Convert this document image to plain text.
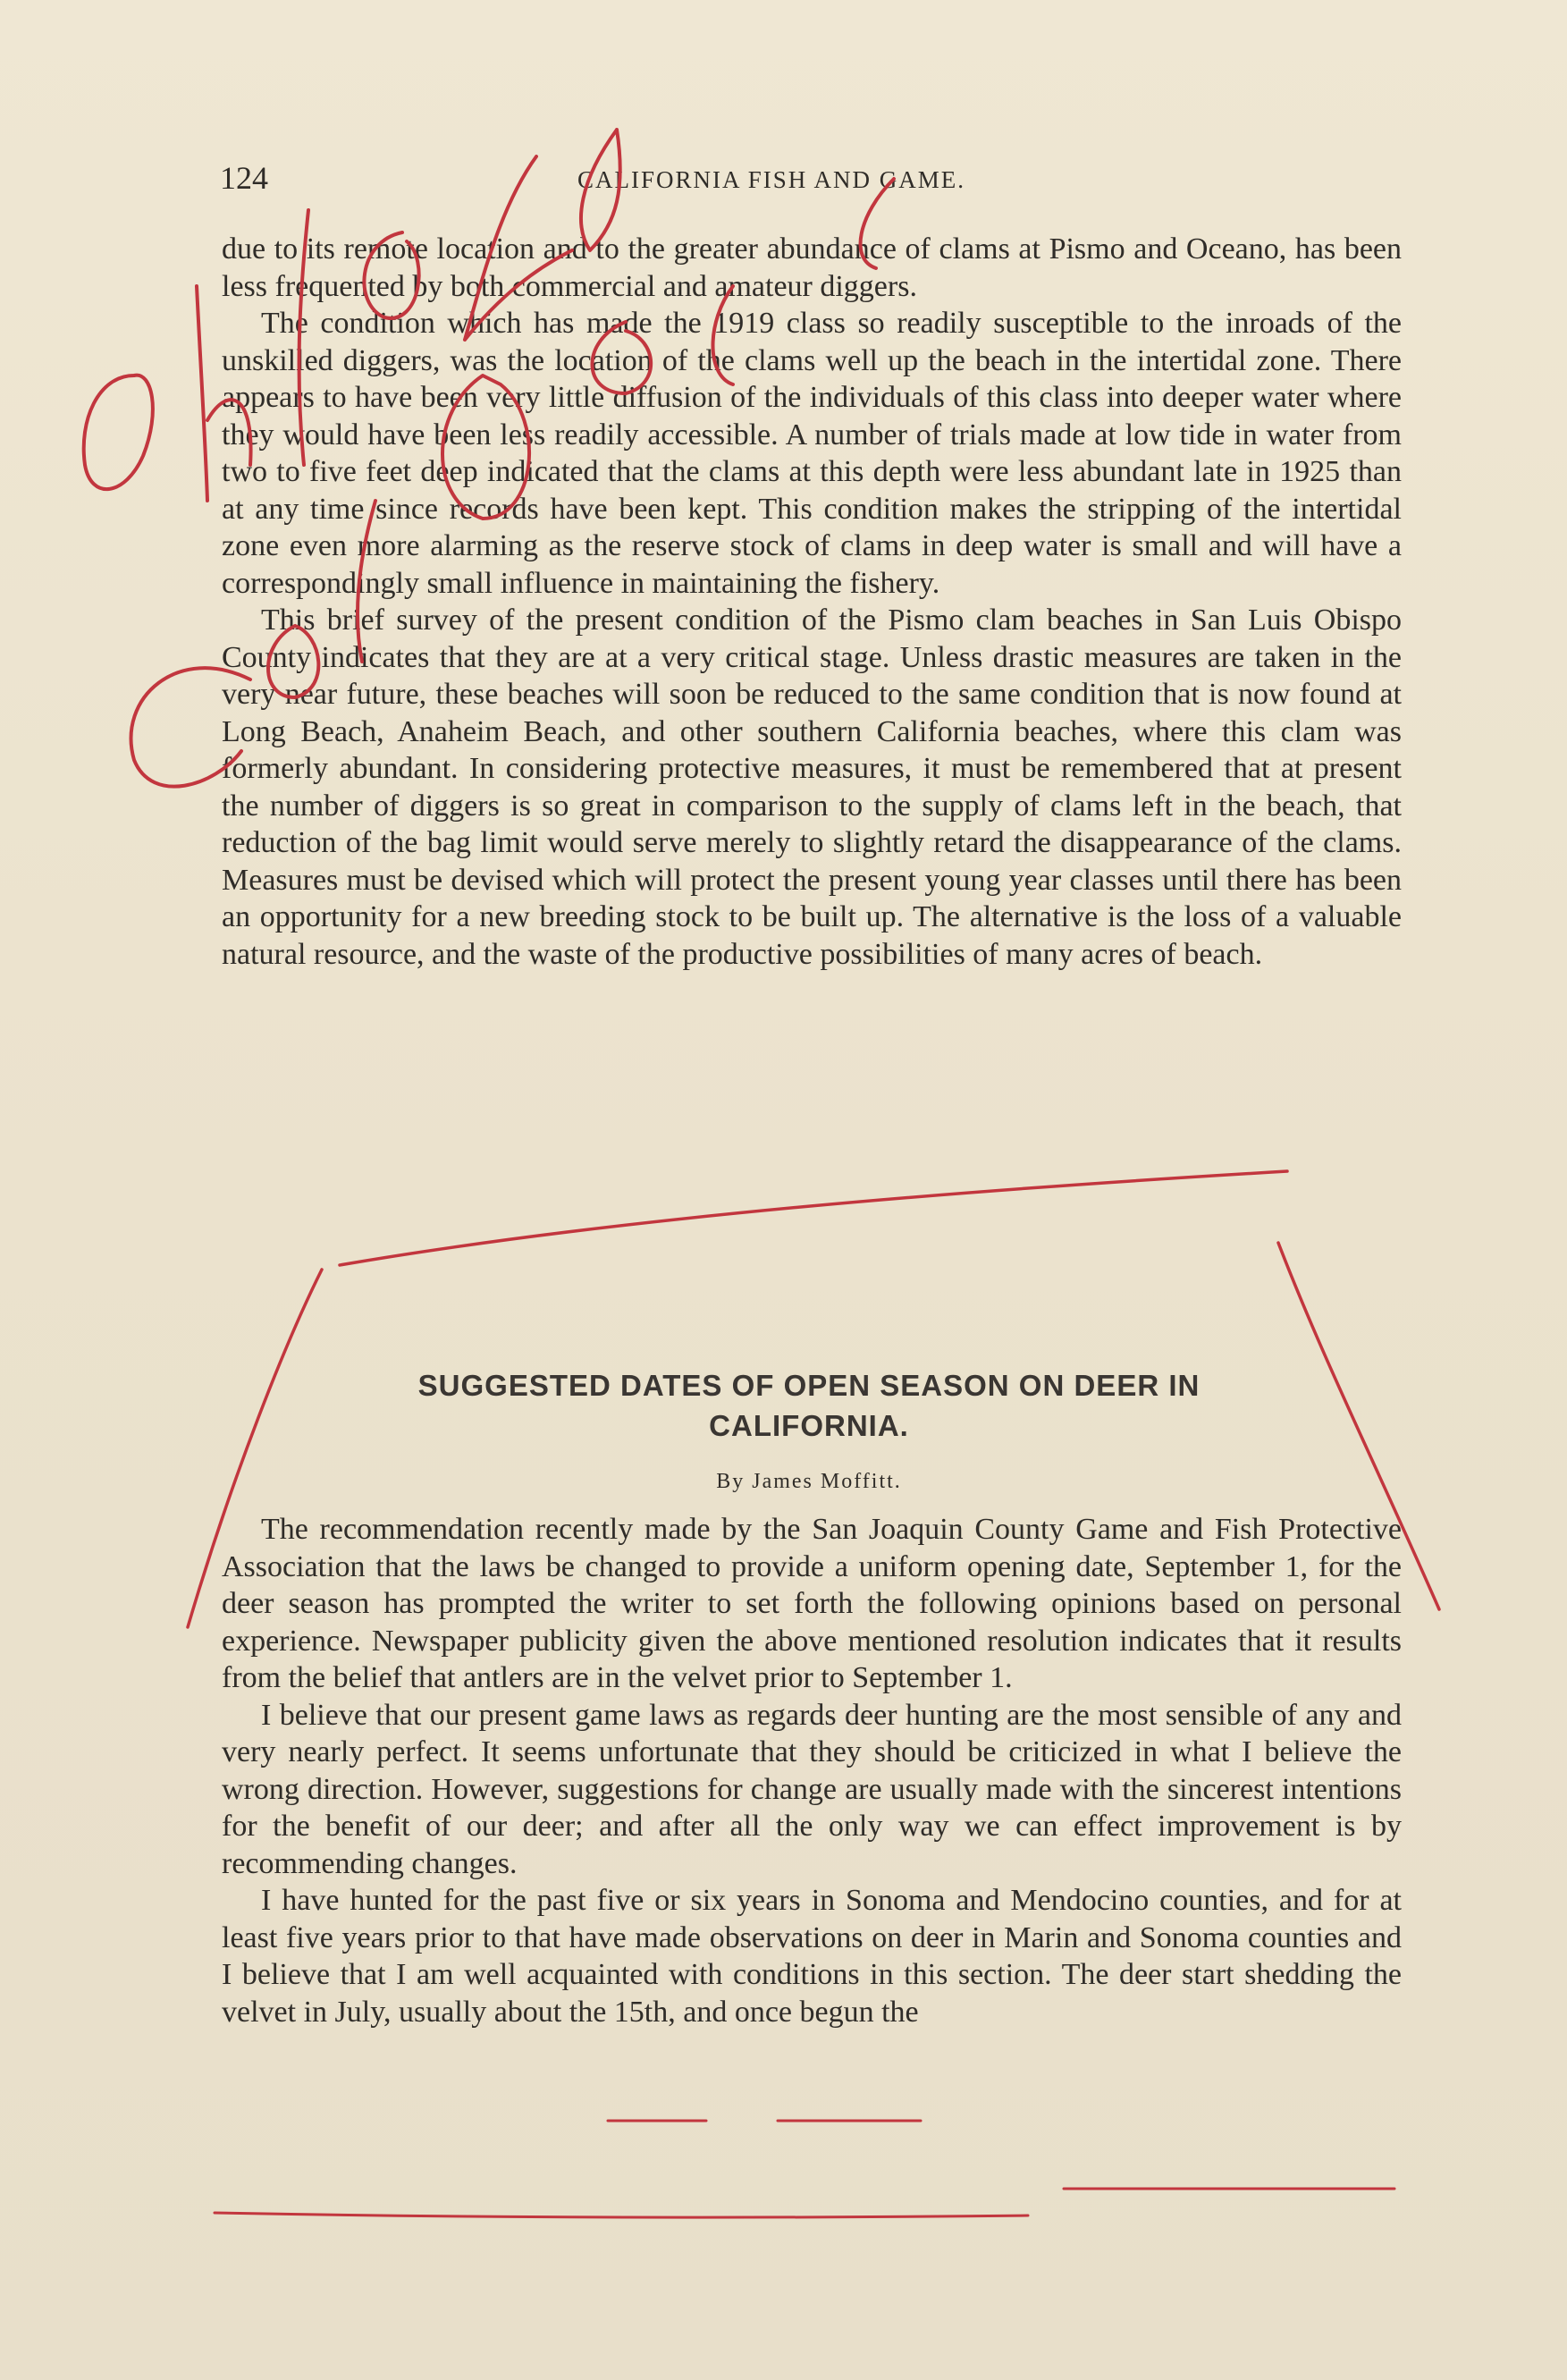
124	CALIFORNIA FISH AND GAME.

due to its remote location and to the greater abundance of clams at Pismo and Oceano, has been less frequented by both commercial and amateur diggers.

The condition which has made the 1919 class so readily susceptible to the inroads of the unskilled diggers, was the location of the clams well up the beach in the intertidal zone. There appears to have been very little diffusion of the individuals of this class into deeper water where they would have been less readily accessible. A number of trials made at low tide in water from two to five feet deep indicated that the clams at this depth were less abundant late in 1925 than at any time since records have been kept. This condition makes the stripping of the intertidal zone even more alarming as the reserve stock of clams in deep water is small and will have a correspondingly small influence in maintaining the fishery.

This brief survey of the present condition of the Pismo clam beaches in San Luis Obispo County indicates that they are at a very critical stage. Unless drastic measures are taken in the very near future, these beaches will soon be reduced to the same condition that is now found at Long Beach, Anaheim Beach, and other southern California beaches, where this clam was formerly abundant. In considering protective measures, it must be remembered that at present the number of diggers is so great in comparison to the supply of clams left in the beach, that reduction of the bag limit would serve merely to slightly retard the disappearance of the clams. Measures must be devised which will protect the present young year classes until there has been an opportunity for a new breeding stock to be built up. The alternative is the loss of a valuable natural resource, and the waste of the productive possibilities of many acres of beach.

SUGGESTED DATES OF OPEN SEASON ON DEER IN
CALIFORNIA.
By James Moffitt.

The recommendation recently made by the San Joaquin County Game and Fish Protective Association that the laws be changed to provide a uniform opening date, September 1, for the deer season has prompted the writer to set forth the following opinions based on personal experience. Newspaper publicity given the above mentioned resolution indicates that it results from the belief that antlers are in the velvet prior to September 1.

I believe that our present game laws as regards deer hunting are the most sensible of any and very nearly perfect. It seems unfortunate that they should be criticized in what I believe the wrong direction. However, suggestions for change are usually made with the sincerest intentions for the benefit of our deer; and after all the only way we can effect improvement is by recommending changes.

I have hunted for the past five or six years in Sonoma and Mendocino counties, and for at least five years prior to that have made observations on deer in Marin and Sonoma counties and I believe that I am well acquainted with conditions in this section. The deer start shedding the velvet in July, usually about the 15th, and once begun the
